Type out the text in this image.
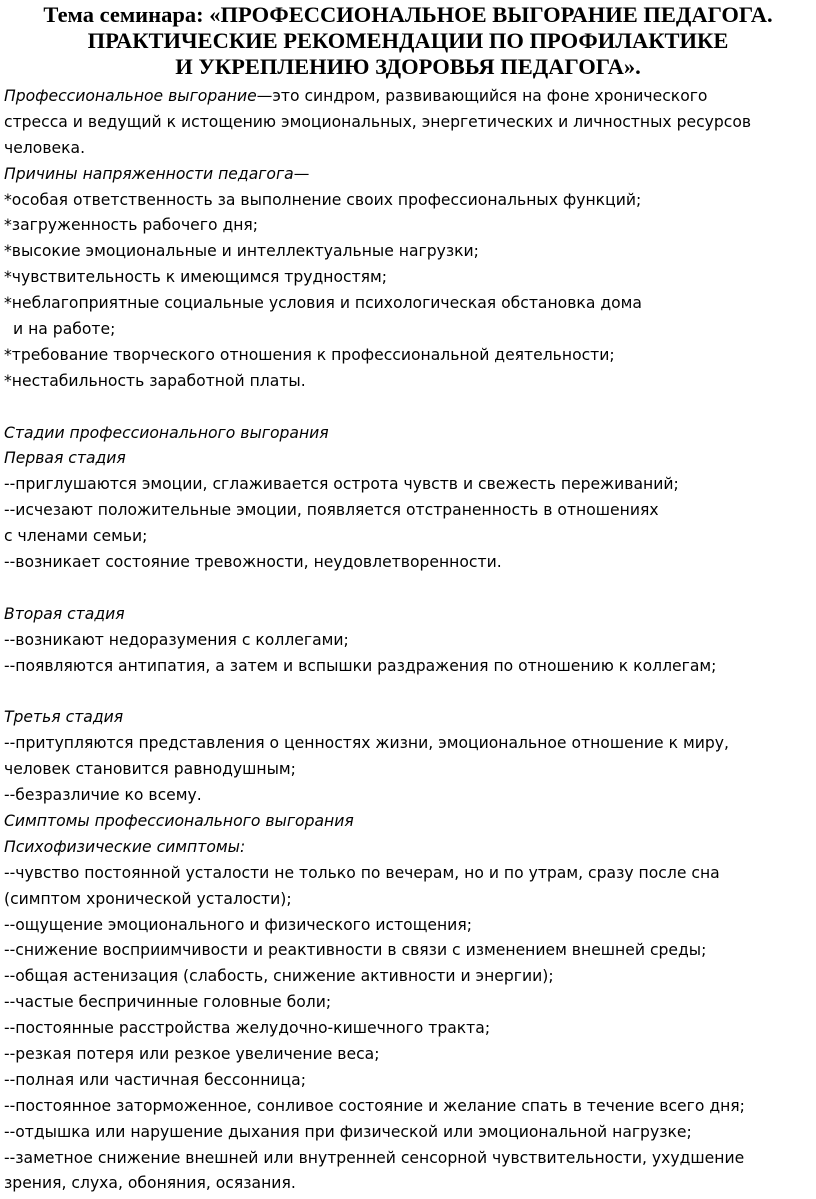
Тема семинара: «ПРОФЕССИОНАЛЬНОЕ ВЫГОРАНИЕ ПЕДАГОГА.
ПРАКТИЧЕСКИЕ РЕКОМЕНДАЦИИ ПО ПРОФИЛАКТИКЕ
И УКРЕПЛЕНИЮ ЗДОРОВЬЯ ПЕДАГОГА».
Профессиональное выгорание—это синдром, развивающийся на фоне хронического
стресса и ведущий к истощению эмоциональных, энергетических и личностных ресурсов
человека.
Причины напряженности педагога—
*особая ответственность за выполнение своих профессиональных функций;
*загруженность рабочего дня;
*высокие эмоциональные и интеллектуальные нагрузки;
*чувствительность к имеющимся трудностям;
*неблагоприятные социальные условия и психологическая обстановка дома
и на работе;
*требование творческого отношения к профессиональной деятельности;
*нестабильность заработной платы.
Стадии профессионального выгорания
Первая стадия
--приглушаются эмоции, сглаживается острота чувств и свежесть переживаний;
--исчезают положительные эмоции, появляется отстраненность в отношениях
с членами семьи;
--возникает состояние тревожности, неудовлетворенности.
Вторая стадия
--возникают недоразумения с коллегами;
--появляются антипатия, а затем и вспышки раздражения по отношению к коллегам;
Третья стадия
--притупляются представления о ценностях жизни, эмоциональное отношение к миру,
человек становится равнодушным;
--безразличие ко всему.
Симптомы профессионального выгорания
Психофизические симптомы:
--чувство постоянной усталости не только по вечерам, но и по утрам, сразу после сна
(симптом хронической усталости);
--ощущение эмоционального и физического истощения;
--снижение восприимчивости и реактивности в связи с изменением внешней среды;
--общая астенизация (слабость, снижение активности и энергии);
--частые беспричинные головные боли;
--постоянные расстройства желудочно-кишечного тракта;
--резкая потеря или резкое увеличение веса;
--полная или частичная бессонница;
--постоянное заторможенное, сонливое состояние и желание спать в течение всего дня;
--отдышка или нарушение дыхания при физической или эмоциональной нагрузке;
--заметное снижение внешней или внутренней сенсорной чувствительности, ухудшение
зрения, слуха, обоняния, осязания.
